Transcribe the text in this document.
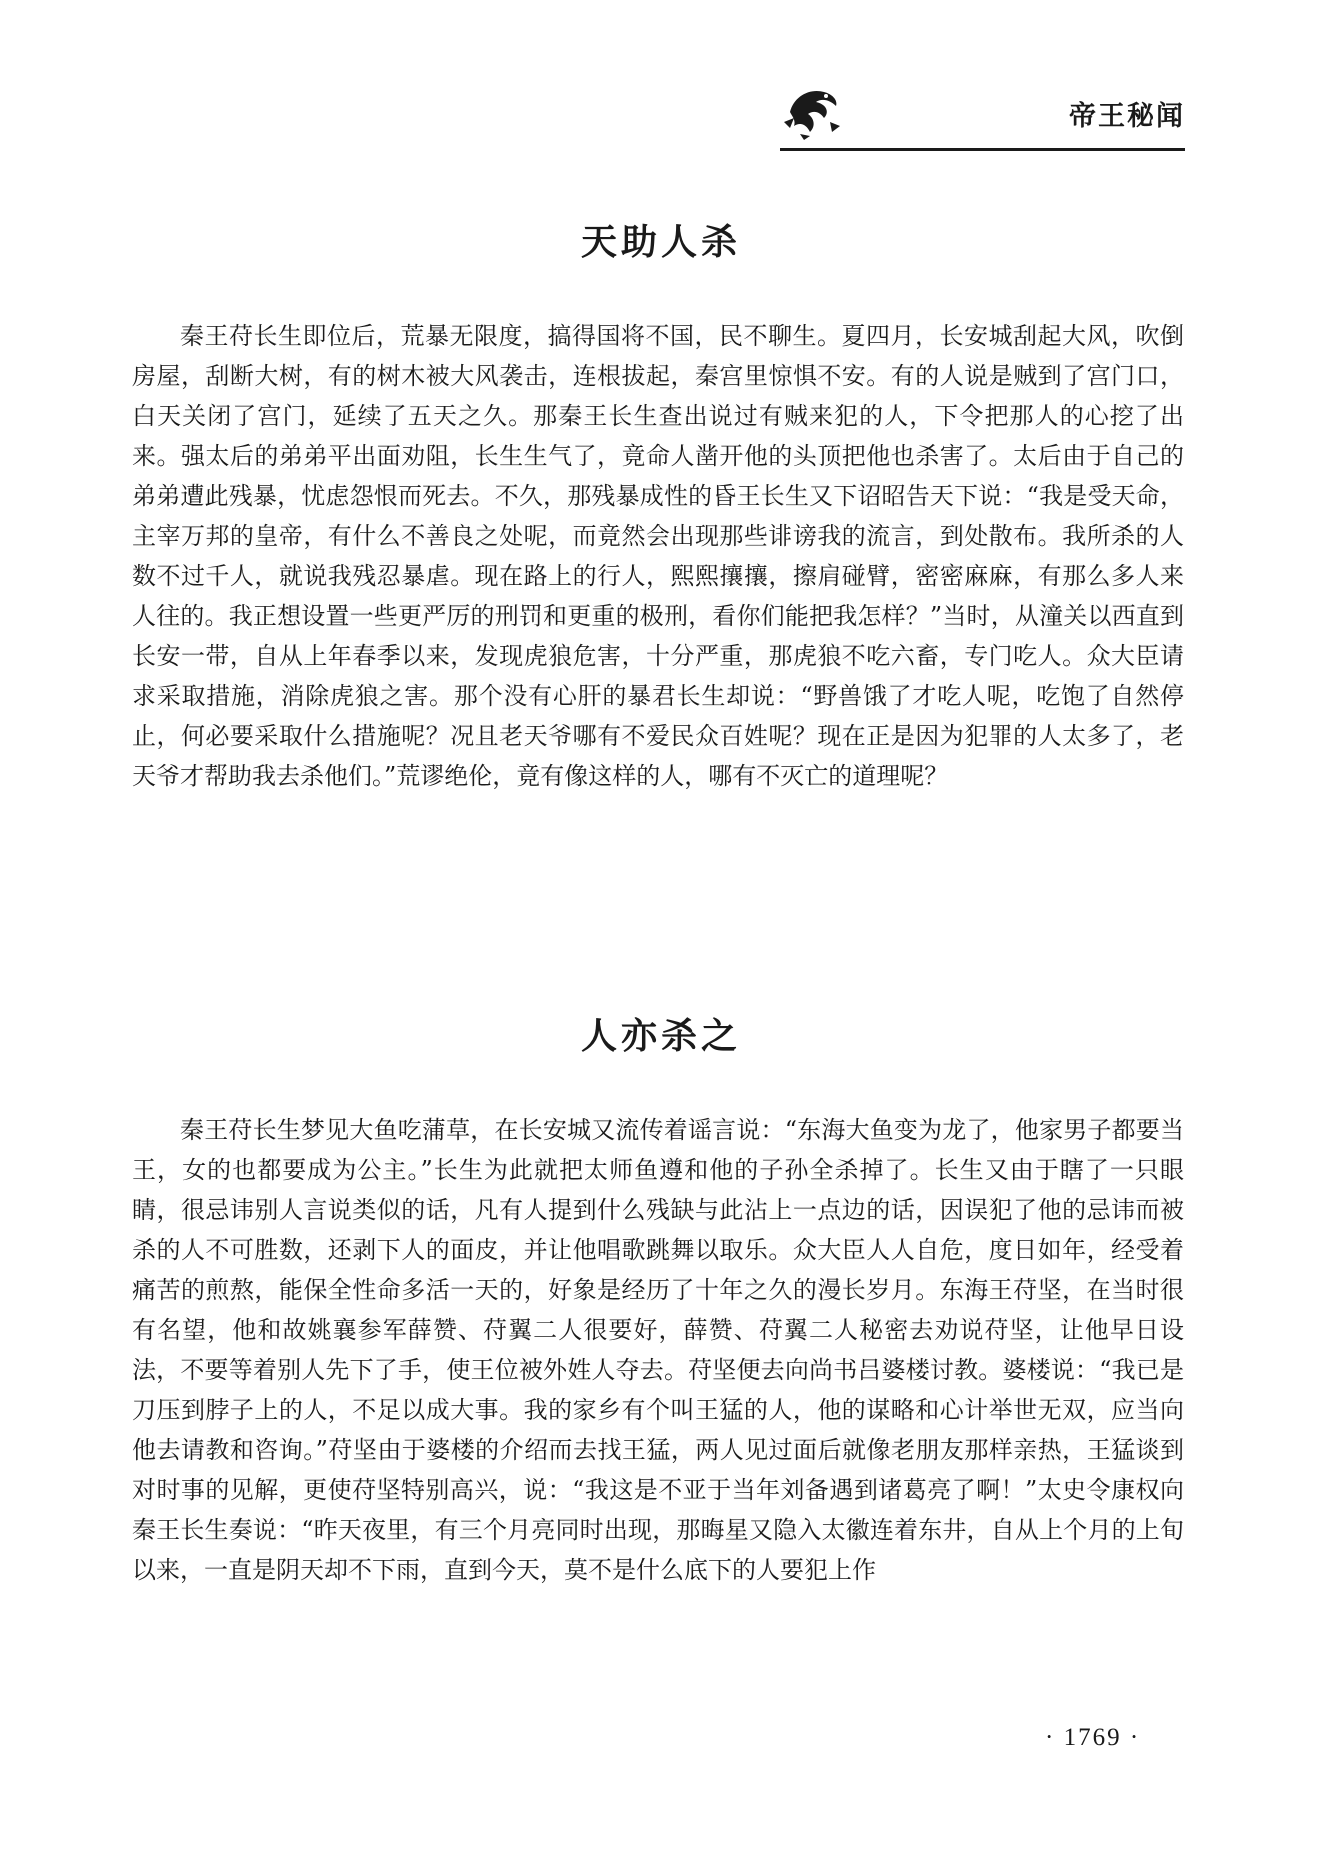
帝王秘闻
天助人杀

秦王苻长生即位后，荒暴无限度，搞得国将不国，民不聊生。夏四月，长安城刮起大风，吹倒房屋，刮断大树，有的树木被大风袭击，连根拔起，秦宫里惊惧不安。有的人说是贼到了宫门口，白天关闭了宫门，延续了五天之久。那秦王长生查出说过有贼来犯的人，下令把那人的心挖了出来。强太后的弟弟平出面劝阻，长生生气了，竟命人凿开他的头顶把他也杀害了。太后由于自己的弟弟遭此残暴，忧虑怨恨而死去。不久，那残暴成性的昏王长生又下诏昭告天下说：“我是受天命，主宰万邦的皇帝，有什么不善良之处呢，而竟然会出现那些诽谤我的流言，到处散布。我所杀的人数不过千人，就说我残忍暴虐。现在路上的行人，熙熙攘攘，擦肩碰臂，密密麻麻，有那么多人来人往的。我正想设置一些更严厉的刑罚和更重的极刑，看你们能把我怎样？”当时，从潼关以西直到长安一带，自从上年春季以来，发现虎狼危害，十分严重，那虎狼不吃六畜，专门吃人。众大臣请求采取措施，消除虎狼之害。那个没有心肝的暴君长生却说：“野兽饿了才吃人呢，吃饱了自然停止，何必要采取什么措施呢？况且老天爷哪有不爱民众百姓呢？现在正是因为犯罪的人太多了，老天爷才帮助我去杀他们。”荒谬绝伦，竟有像这样的人，哪有不灭亡的道理呢？

人亦杀之

秦王苻长生梦见大鱼吃蒲草，在长安城又流传着谣言说：“东海大鱼变为龙了，他家男子都要当王，女的也都要成为公主。”长生为此就把太师鱼遵和他的子孙全杀掉了。长生又由于瞎了一只眼睛，很忌讳别人言说类似的话，凡有人提到什么残缺与此沾上一点边的话，因误犯了他的忌讳而被杀的人不可胜数，还剥下人的面皮，并让他唱歌跳舞以取乐。众大臣人人自危，度日如年，经受着痛苦的煎熬，能保全性命多活一天的，好象是经历了十年之久的漫长岁月。东海王苻坚，在当时很有名望，他和故姚襄参军薛赞、苻翼二人很要好，薛赞、苻翼二人秘密去劝说苻坚，让他早日设法，不要等着别人先下了手，使王位被外姓人夺去。苻坚便去向尚书吕婆楼讨教。婆楼说：“我已是刀压到脖子上的人，不足以成大事。我的家乡有个叫王猛的人，他的谋略和心计举世无双，应当向他去请教和咨询。”苻坚由于婆楼的介绍而去找王猛，两人见过面后就像老朋友那样亲热，王猛谈到对时事的见解，更使苻坚特别高兴，说：“我这是不亚于当年刘备遇到诸葛亮了啊！”太史令康权向秦王长生奏说：“昨天夜里，有三个月亮同时出现，那晦星又隐入太徽连着东井，自从上个月的上旬以来，一直是阴天却不下雨，直到今天，莫不是什么底下的人要犯上作

· 1769 ·
